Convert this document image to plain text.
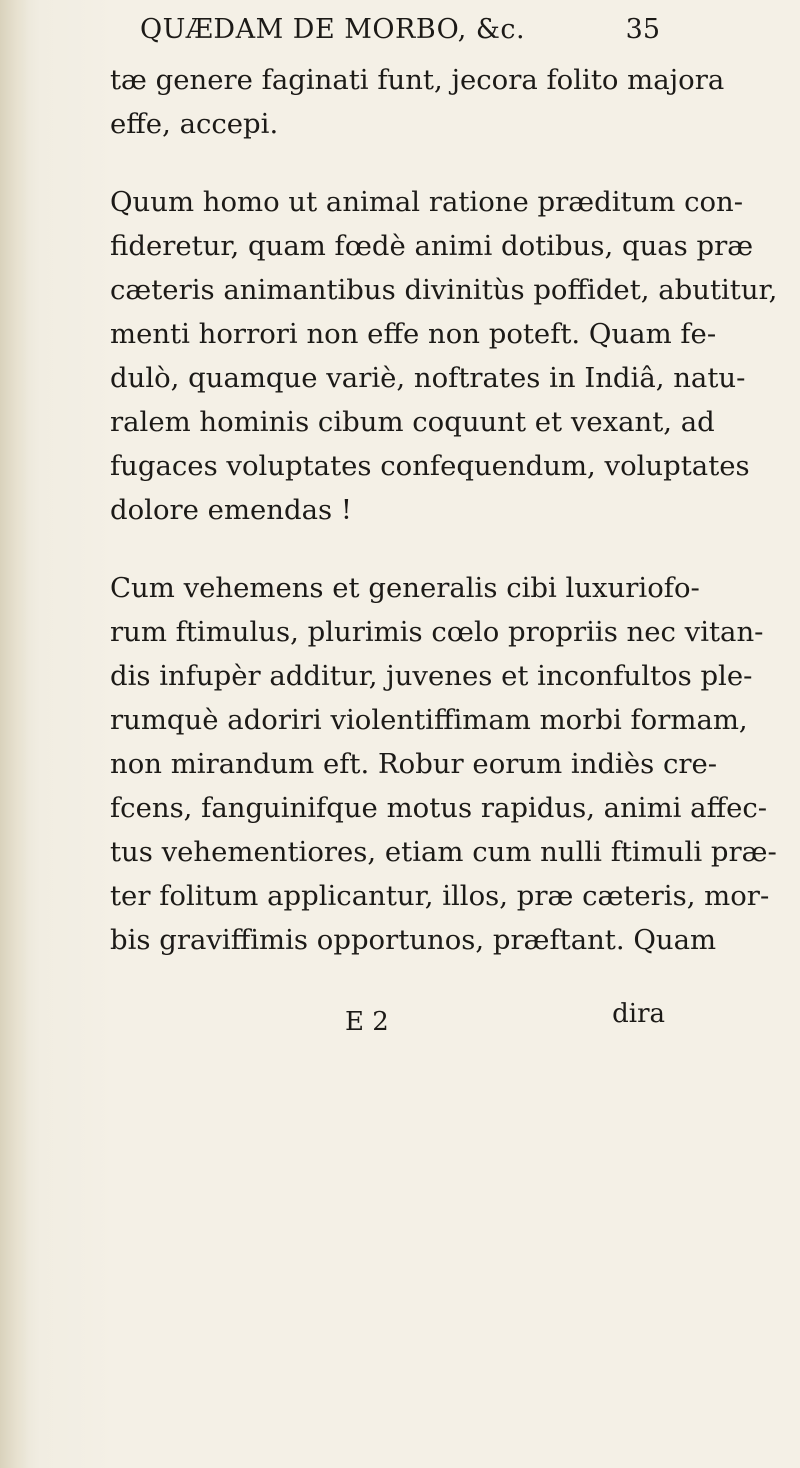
QUÆDAM DE MORBO, &c.	35
tæ genere faginati funt, jecora folito majora
effe, accepi.
Quum homo ut animal ratione præditum con-
fideretur, quam fœdè animi dotibus, quas præ
cæteris animantibus divinitùs poffidet, abutitur,
menti horrori non effe non poteft. Quam fe-
dulò, quamque variè, noftrates in Indiâ, natu-
ralem hominis cibum coquunt et vexant, ad
fugaces voluptates confequendum, voluptates
dolore emendas !
Cum vehemens et generalis cibi luxuriofo-
rum ftimulus, plurimis cœlo propriis nec vitan-
dis infupèr additur, juvenes et inconfultos ple-
rumquè adoriri violentiffimam morbi formam,
non mirandum eft. Robur eorum indiès cre-
fcens, fanguinifque motus rapidus, animi affec-
tus vehementiores, etiam cum nulli ftimuli præ-
ter folitum applicantur, illos, præ cæteris, mor-
bis graviffimis opportunos, præftant. Quam
E 2	dira
